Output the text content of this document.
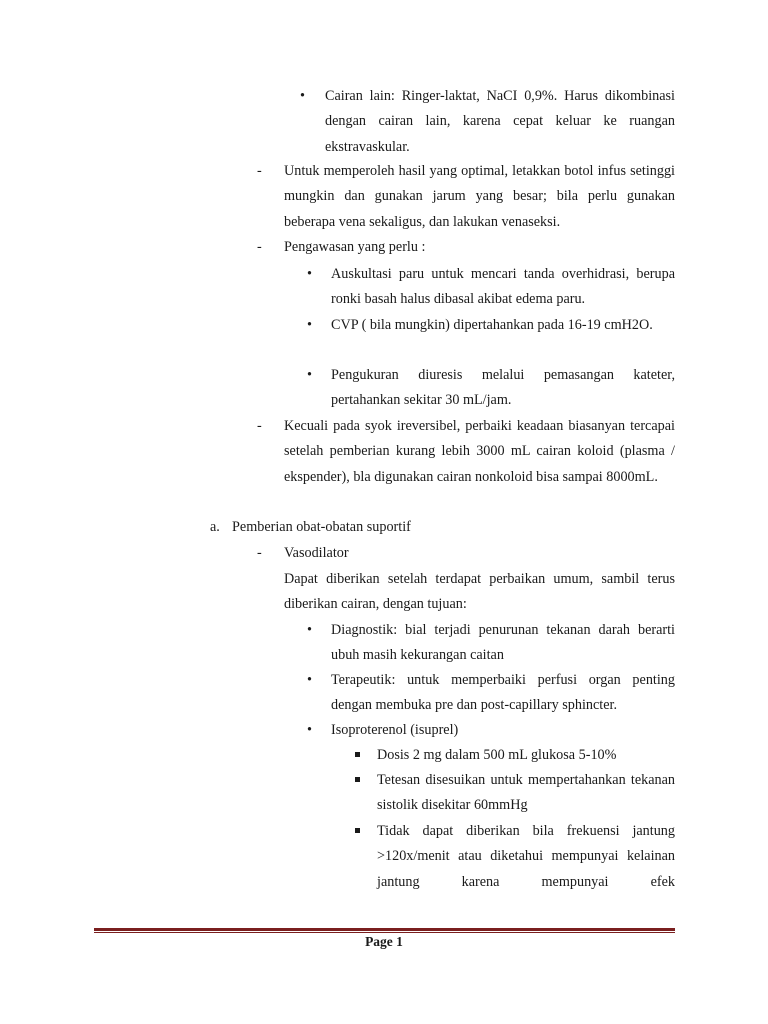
• Cairan lain: Ringer-laktat, NaCI 0,9%. Harus dikombinasi dengan cairan lain, karena cepat keluar ke ruangan ekstravaskular.
- Untuk memperoleh hasil yang optimal, letakkan botol infus setinggi mungkin dan gunakan jarum yang besar; bila perlu gunakan beberapa vena sekaligus, dan lakukan venaseksi.
- Pengawasan yang perlu :
• Auskultasi paru untuk mencari tanda overhidrasi, berupa ronki basah halus dibasal akibat edema paru.
• CVP ( bila mungkin) dipertahankan pada 16-19 cmH2O.
• Pengukuran diuresis melalui pemasangan kateter, pertahankan sekitar 30 mL/jam.
- Kecuali pada syok ireversibel, perbaiki keadaan biasanyan tercapai setelah pemberian kurang lebih 3000 mL cairan koloid (plasma / ekspender), bla digunakan cairan nonkoloid bisa sampai 8000mL.
a. Pemberian obat-obatan suportif
- Vasodilator
Dapat diberikan setelah terdapat perbaikan umum, sambil terus diberikan cairan, dengan tujuan:
• Diagnostik: bial terjadi penurunan tekanan darah berarti ubuh masih kekurangan caitan
• Terapeutik: untuk memperbaiki perfusi organ penting dengan membuka pre dan post-capillary sphincter.
• Isoproterenol (isuprel)
Dosis 2 mg dalam 500 mL glukosa 5-10%
Tetesan disesuikan untuk mempertahankan tekanan sistolik disekitar 60mmHg
Tidak dapat diberikan bila frekuensi jantung >120x/menit atau diketahui mempunyai kelainan jantung karena mempunyai efek
Page 1
